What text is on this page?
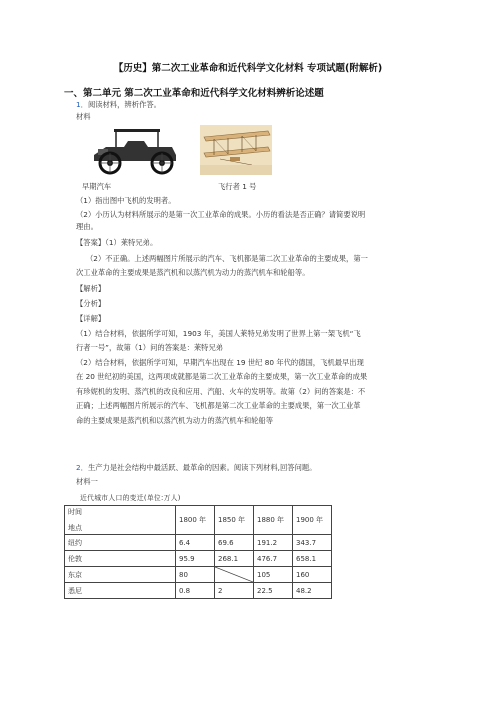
【历史】第二次工业革命和近代科学文化材料 专项试题(附解析)
一、第二单元 第二次工业革命和近代科学文化材料辨析论述题
1．阅读材料，辨析作答。
材料
早期汽车	飞行者 1 号
（1）指出图中飞机的发明者。
（2）小历认为材料所展示的是第一次工业革命的成果。小历的看法是否正确？请简要说明
理由。
【答案】（1）莱特兄弟。
（2）不正确。上述两幅图片所展示的汽车、飞机都是第二次工业革命的主要成果，第一
次工业革命的主要成果是蒸汽机和以蒸汽机为动力的蒸汽机车和轮船等。
【解析】
【分析】
【详解】
（1）结合材料，依据所学可知，1903 年，美国人莱特兄弟发明了世界上第一架飞机“飞
行者一号”，故第（1）问的答案是：莱特兄弟
（2）结合材料，依据所学可知，早期汽车出现在 19 世纪 80 年代的德国，飞机最早出现
在 20 世纪初的美国，这两项成就都是第二次工业革命的主要成果，第一次工业革命的成果
有珍妮机的发明、蒸汽机的改良和应用、汽船、火车的发明等。故第（2）问的答案是：不
正确；上述两幅图片所展示的汽车、飞机都是第二次工业革命的主要成果，第一次工业革
命的主要成果是蒸汽机和以蒸汽机为动力的蒸汽机车和轮船等
2．生产力是社会结构中最活跃、最革命的因素。阅读下列材料,回答问题。
材料一
近代城市人口的变迁(单位:万人)
时间
地点	1800 年	1850 年	1880 年	1900 年
纽约	6.4	69.6	191.2	343.7
伦敦	95.9	268.1	476.7	658.1
东京	80		105	160
悉尼	0.8	2	22.5	48.2
